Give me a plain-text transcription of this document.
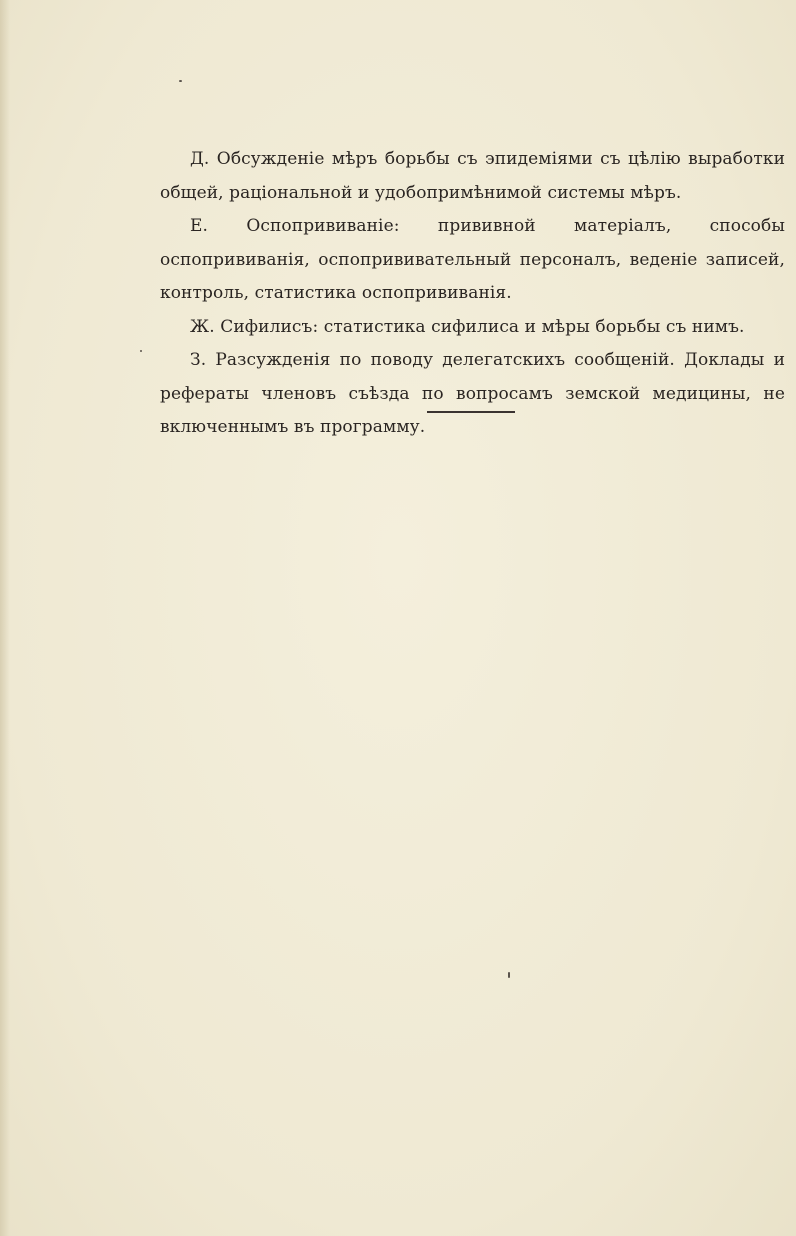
Д. Обсужденіе мѣръ борьбы съ эпидеміями съ цѣлію выработки общей, раціональной и удобопримѣнимой системы мѣръ.

Е. Оспопрививаніе: прививной матеріалъ, способы оспопрививанія, оспопрививательный персоналъ, веденіе записей, контроль, статистика оспопрививанія.

Ж. Сифилисъ: статистика сифилиса и мѣры борьбы съ нимъ.

З. Разсужденія по поводу делегатскихъ сообщеній. Доклады и рефераты членовъ съѣзда по вопросамъ земской медицины, не включеннымъ въ программу.
